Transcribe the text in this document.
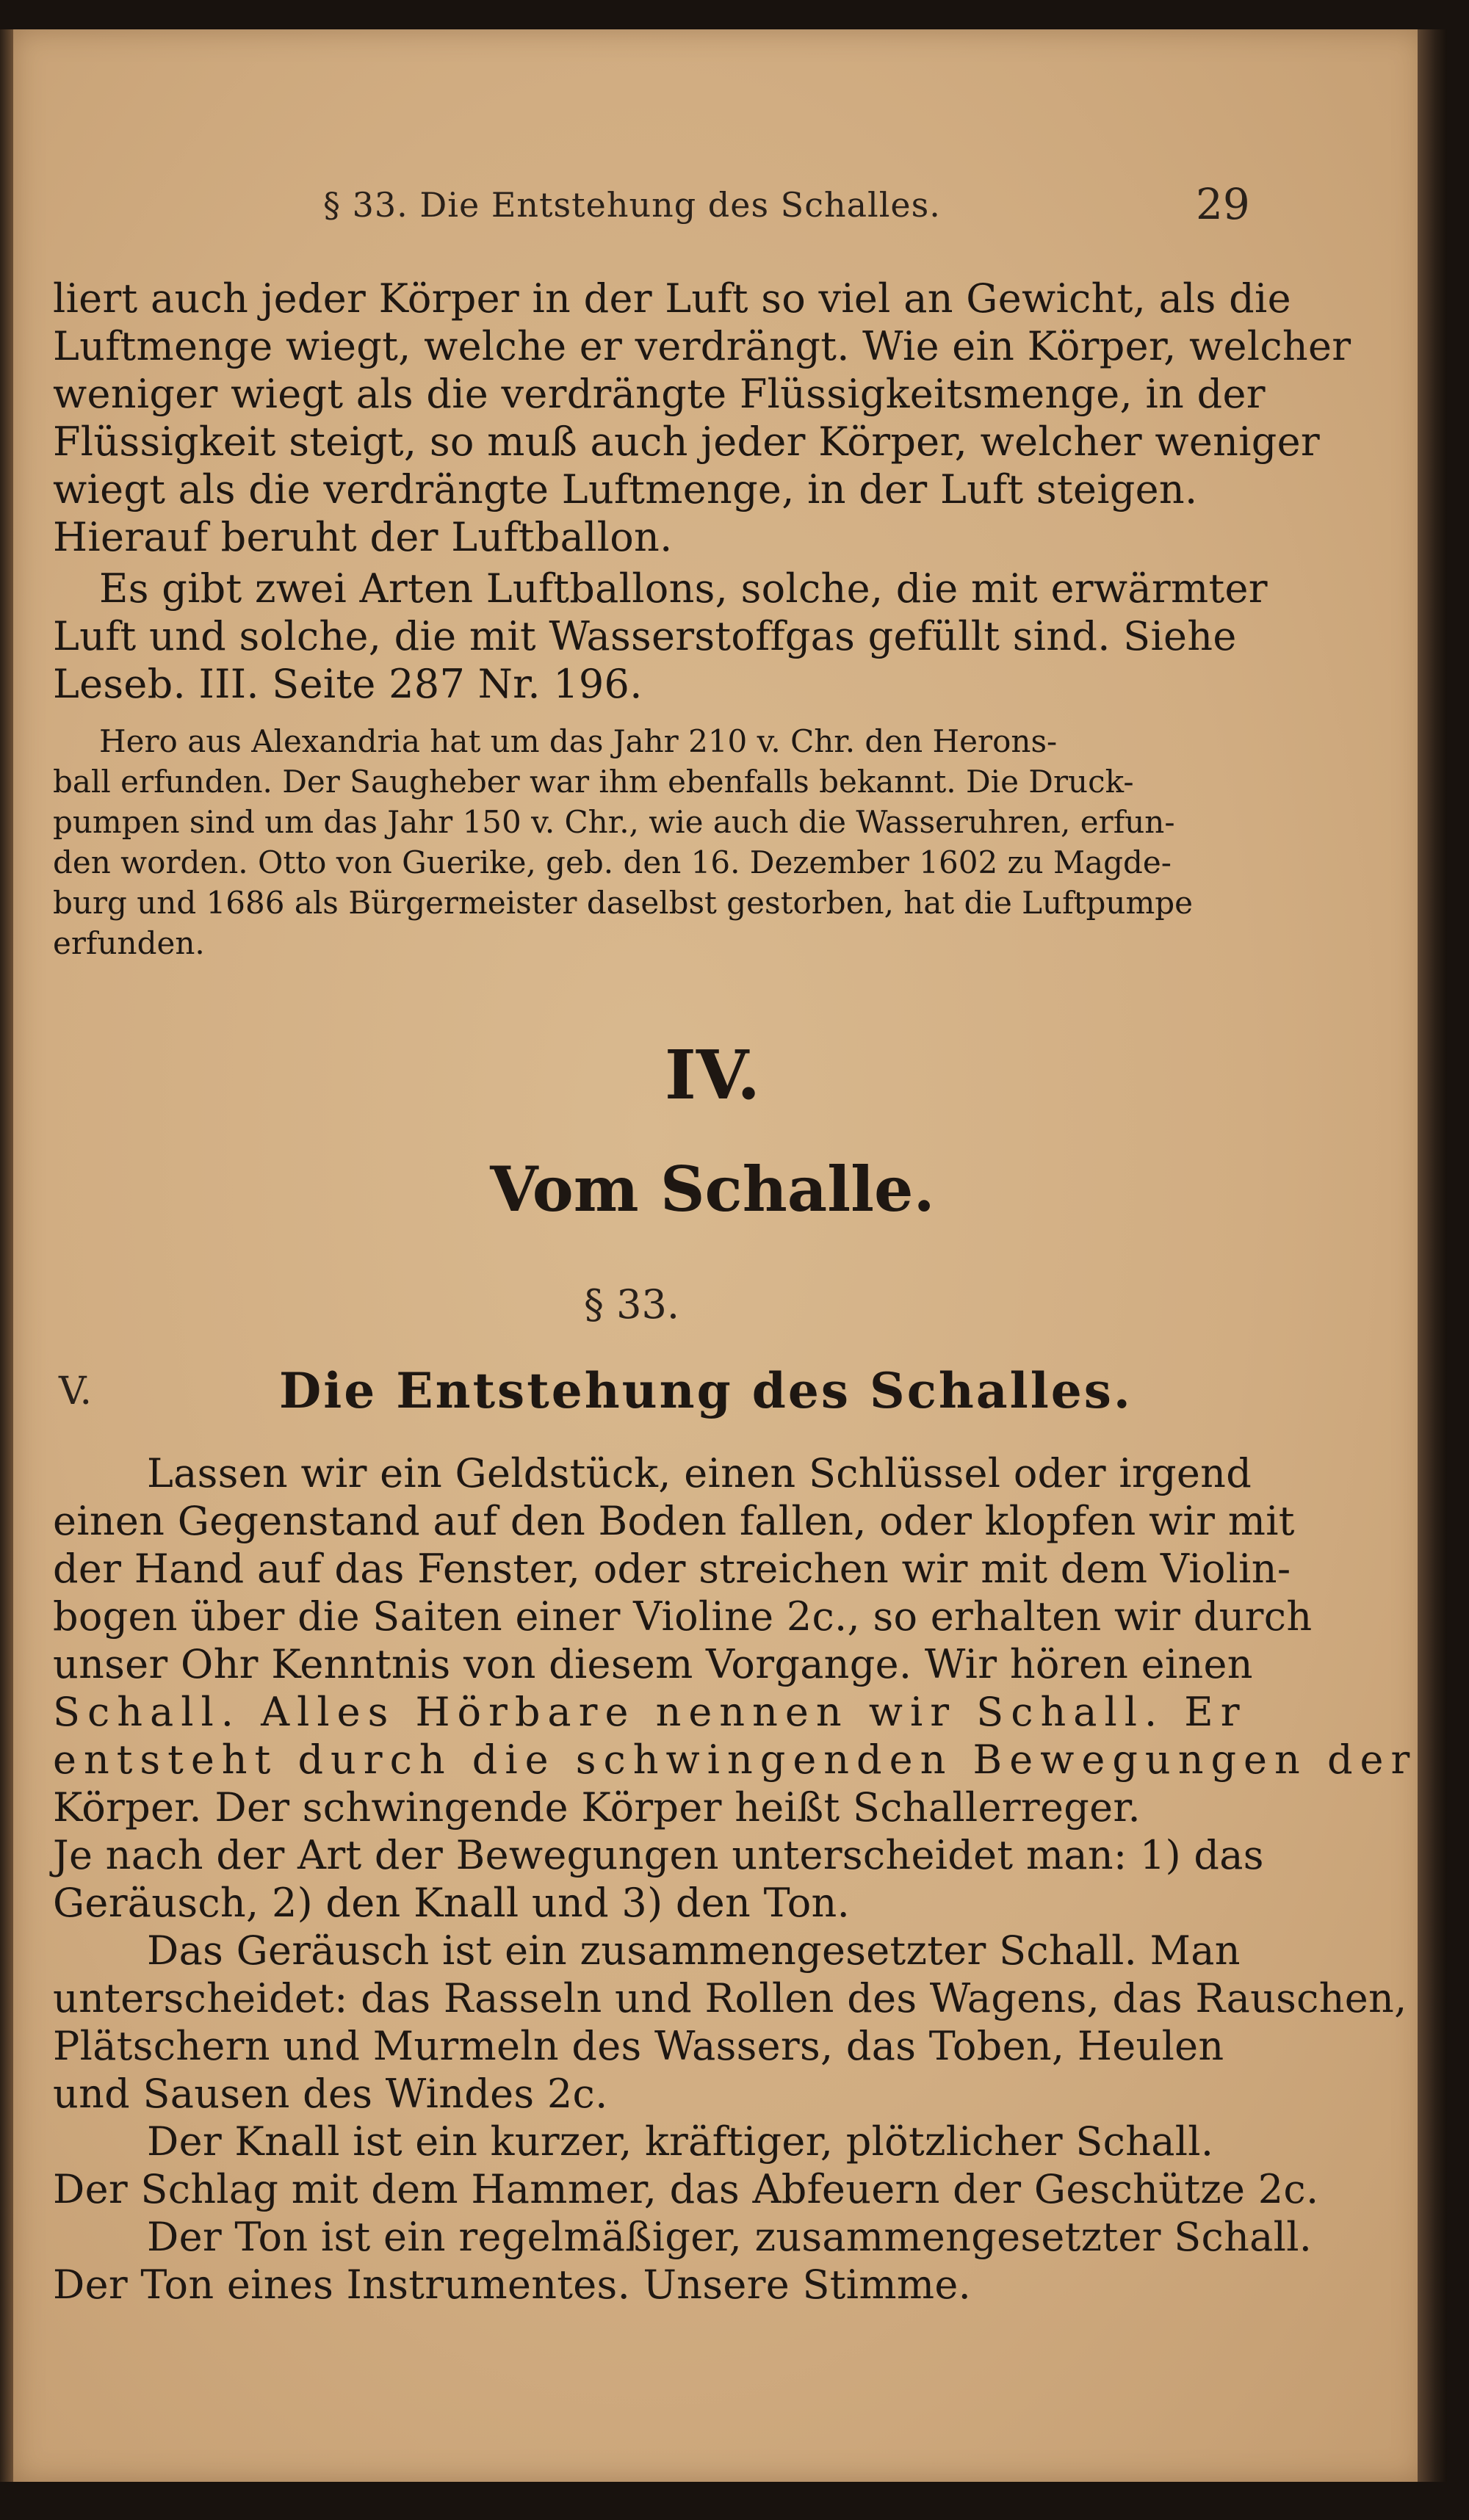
§ 33. Die Entstehung des Schalles.	29
liert auch jeder Körper in der Luft so viel an Gewicht, als die
Luftmenge wiegt, welche er verdrängt. Wie ein Körper, welcher
weniger wiegt als die verdrängte Flüssigkeitsmenge, in der
Flüssigkeit steigt, so muß auch jeder Körper, welcher weniger
wiegt als die verdrängte Luftmenge, in der Luft steigen.
Hierauf beruht der Luftballon.
Es gibt zwei Arten Luftballons, solche, die mit erwärmter
Luft und solche, die mit Wasserstoffgas gefüllt sind. Siehe
Leseb. III. Seite 287 Nr. 196.
Hero aus Alexandria hat um das Jahr 210 v. Chr. den Herons-
ball erfunden. Der Saugheber war ihm ebenfalls bekannt. Die Druck-
pumpen sind um das Jahr 150 v. Chr., wie auch die Wasseruhren, erfun-
den worden. Otto von Guerike, geb. den 16. Dezember 1602 zu Magde-
burg und 1686 als Bürgermeister daselbst gestorben, hat die Luftpumpe
erfunden.
IV.
Vom Schalle.
§ 33.
V.	Die Entstehung des Schalles.
Lassen wir ein Geldstück, einen Schlüssel oder irgend
einen Gegenstand auf den Boden fallen, oder klopfen wir mit
der Hand auf das Fenster, oder streichen wir mit dem Violin-
bogen über die Saiten einer Violine 2c., so erhalten wir durch
unser Ohr Kenntnis von diesem Vorgange. Wir hören einen
Schall. Alles Hörbare nennen wir Schall. Er
entsteht durch die schwingenden Bewegungen der
Körper. Der schwingende Körper heißt Schallerreger.
Je nach der Art der Bewegungen unterscheidet man: 1) das
Geräusch, 2) den Knall und 3) den Ton.
Das Geräusch ist ein zusammengesetzter Schall. Man
unterscheidet: das Rasseln und Rollen des Wagens, das Rauschen,
Plätschern und Murmeln des Wassers, das Toben, Heulen
und Sausen des Windes 2c.
Der Knall ist ein kurzer, kräftiger, plötzlicher Schall.
Der Schlag mit dem Hammer, das Abfeuern der Geschütze 2c.
Der Ton ist ein regelmäßiger, zusammengesetzter Schall.
Der Ton eines Instrumentes. Unsere Stimme.
